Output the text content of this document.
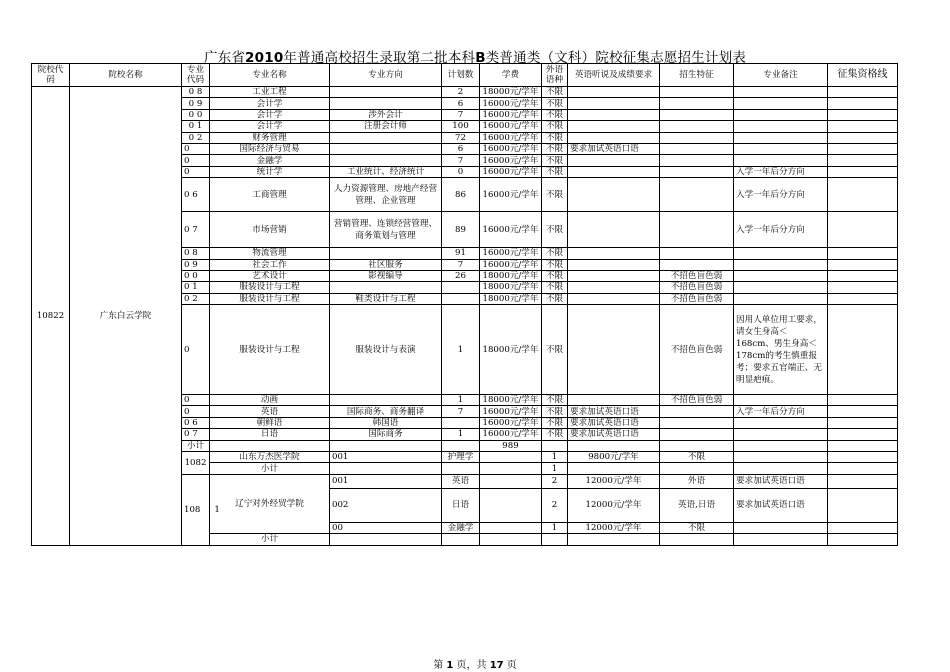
广东省2010年普通高校招生录取第二批本科B类普通类（文科）院校征集志愿招生计划表
院校代码	院校名称	专业代码	专业名称	专业方向	计划数	学费	外语语种	英语听说及成绩要求	招生特征	专业备注	征集资格线	
10822	广东白云学院	0 8	工业工程		2	18000元/学年	不限					
		0 9	会计学		6	16000元/学年	不限					
		0 0	会计学	涉外会计	7	16000元/学年	不限					
		0 1	会计学	注册会计师	100	16000元/学年	不限					
		0 2	财务管理		72	16000元/学年	不限					
		0	国际经济与贸易		6	16000元/学年	不限	要求加试英语口语				
		0	金融学		7	16000元/学年	不限					
		0	统计学	工业统计、经济统计	0	16000元/学年	不限			入学一年后分方向		
		0 6	工商管理	人力资源管理、房地产经营管理、企业管理	86	16000元/学年	不限			入学一年后分方向		
		0 7	市场营销	营销管理、连锁经营管理、商务策划与管理	89	16000元/学年	不限			入学一年后分方向		
		0 8	物流管理		91	16000元/学年	不限					
		0 9	社会工作	社区服务	7	16000元/学年	不限					
		0 0	艺术设计	影视编导	26	18000元/学年	不限		不招色盲色弱			
		0 1	服装设计与工程			18000元/学年	不限		不招色盲色弱			
		0 2	服装设计与工程	鞋类设计与工程		18000元/学年	不限		不招色盲色弱			
		0	服装设计与工程	服装设计与表演	1	18000元/学年	不限		不招色盲色弱	因用人单位用工要求，请女生身高＜168cm、男生身高＜178cm的考生慎重报考；要求五官端正、无明显疤痕。		
		0	动画		1	18000元/学年	不限		不招色盲色弱			
		0	英语	国际商务、商务翻译	7	16000元/学年	不限	要求加试英语口语		入学一年后分方向		
		0 6	朝鲜语	韩国语		16000元/学年	不限	要求加试英语口语				
		0 7	日语	国际商务	1	16000元/学年	不限	要求加试英语口语				
		小计				989						
		1082	山东万杰医学院	001	护理学		1	9800元/学年	不限				
			小计				1						
		108 1	辽宁对外经贸学院	001	英语		2	12000元/学年	外语	要求加试英语口语			
				002	日语		2	12000元/学年	英语,日语	要求加试英语口语			
				00	金融学		1	12000元/学年	不限				
			小计										
第 1 页，共 17 页
